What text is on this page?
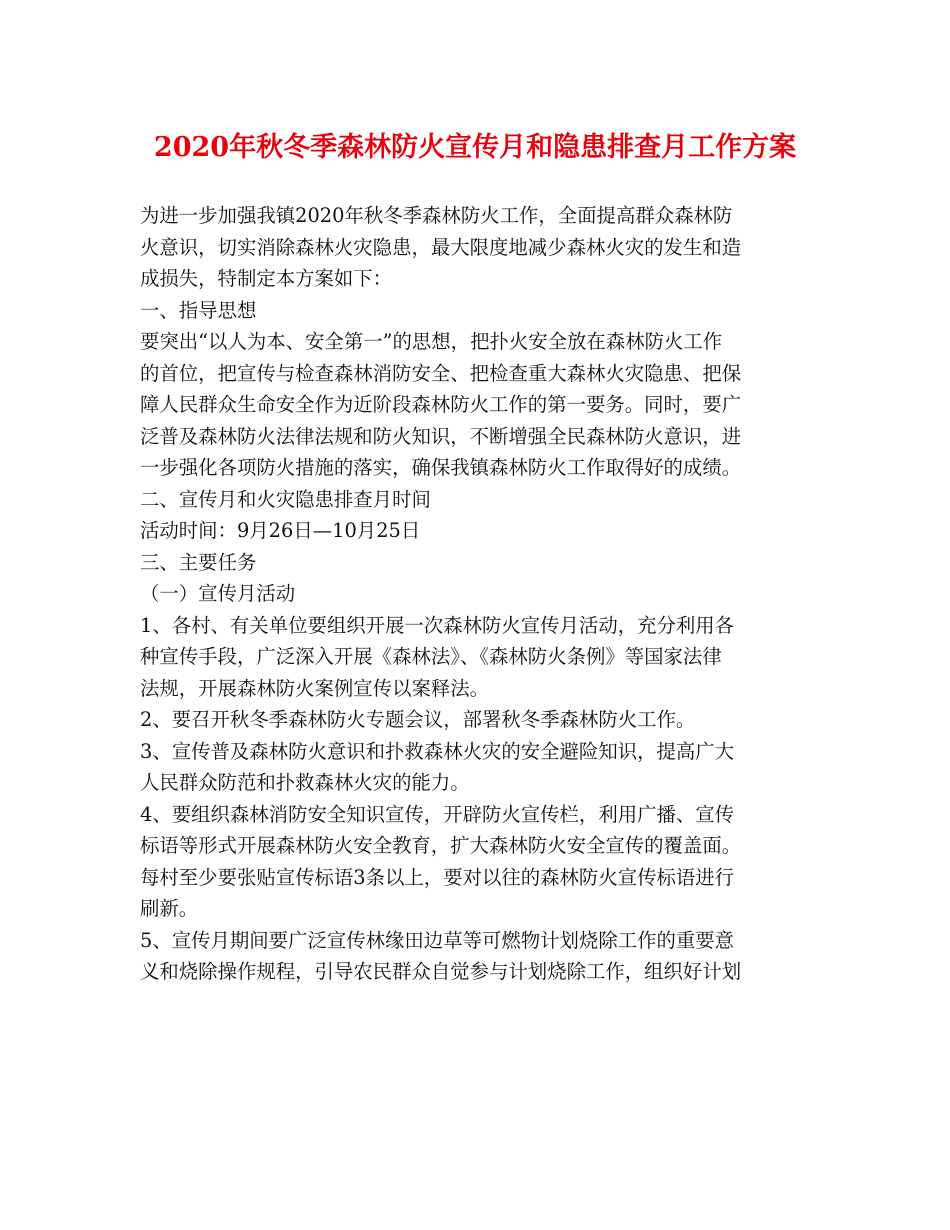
2020年秋冬季森林防火宣传月和隐患排查月工作方案
为进一步加强我镇2020年秋冬季森林防火工作，全面提高群众森林防
火意识，切实消除森林火灾隐患，最大限度地减少森林火灾的发生和造
成损失，特制定本方案如下：
一、指导思想
要突出“以人为本、安全第一”的思想，把扑火安全放在森林防火工作
的首位，把宣传与检查森林消防安全、把检查重大森林火灾隐患、把保
障人民群众生命安全作为近阶段森林防火工作的第一要务。同时，要广
泛普及森林防火法律法规和防火知识，不断增强全民森林防火意识，进
一步强化各项防火措施的落实，确保我镇森林防火工作取得好的成绩。
二、宣传月和火灾隐患排查月时间
活动时间：9月26日—10月25日
三、主要任务
（一）宣传月活动
1、各村、有关单位要组织开展一次森林防火宣传月活动，充分利用各
种宣传手段，广泛深入开展《森林法》、《森林防火条例》等国家法律
法规，开展森林防火案例宣传以案释法。
2、要召开秋冬季森林防火专题会议，部署秋冬季森林防火工作。
3、宣传普及森林防火意识和扑救森林火灾的安全避险知识，提高广大
人民群众防范和扑救森林火灾的能力。
4、要组织森林消防安全知识宣传，开辟防火宣传栏，利用广播、宣传
标语等形式开展森林防火安全教育，扩大森林防火安全宣传的覆盖面。
每村至少要张贴宣传标语3条以上，要对以往的森林防火宣传标语进行
刷新。
5、宣传月期间要广泛宣传林缘田边草等可燃物计划烧除工作的重要意
义和烧除操作规程，引导农民群众自觉参与计划烧除工作，组织好计划
